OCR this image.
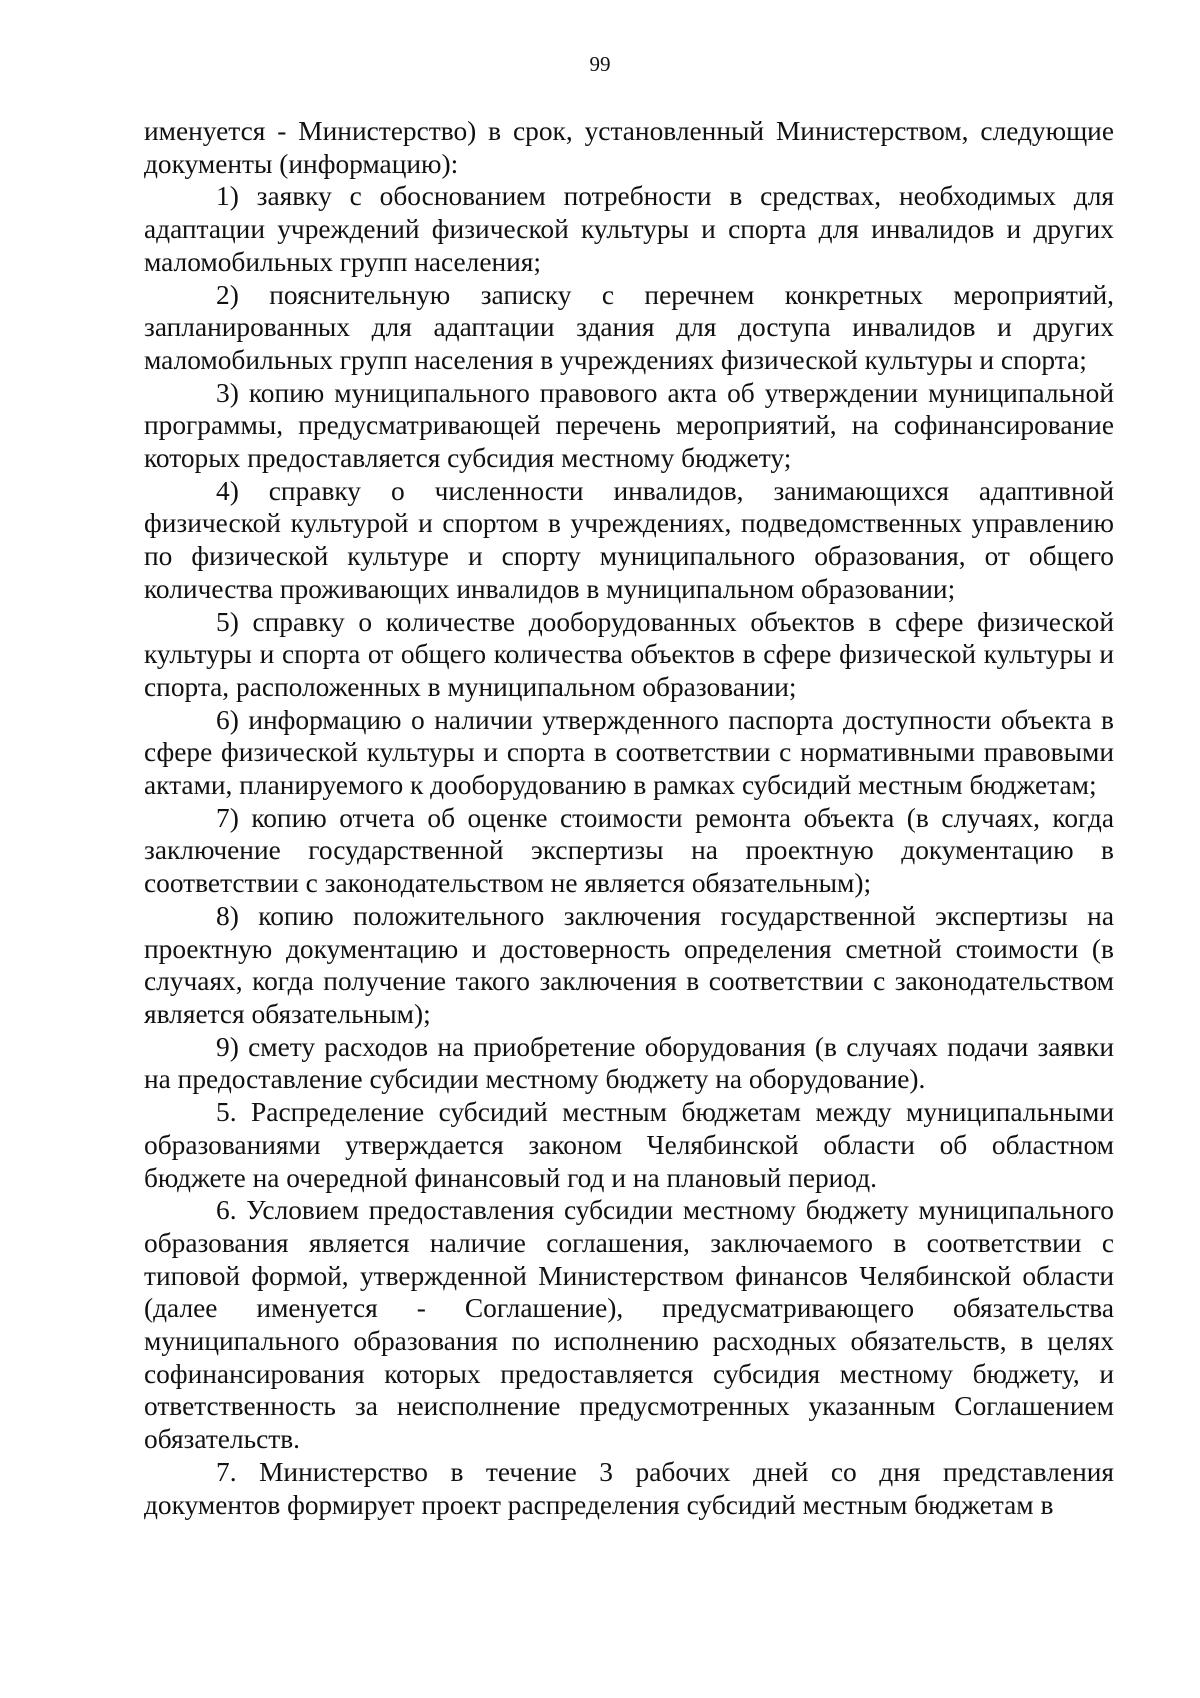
99

именуется - Министерство) в срок, установленный Министерством, следующие документы (информацию):

1) заявку с обоснованием потребности в средствах, необходимых для адаптации учреждений физической культуры и спорта для инвалидов и других маломобильных групп населения;

2) пояснительную записку с перечнем конкретных мероприятий, запланированных для адаптации здания для доступа инвалидов и других маломобильных групп населения в учреждениях физической культуры и спорта;

3) копию муниципального правового акта об утверждении муниципальной программы, предусматривающей перечень мероприятий, на софинансирование которых предоставляется субсидия местному бюджету;

4) справку о численности инвалидов, занимающихся адаптивной физической культурой и спортом в учреждениях, подведомственных управлению по физической культуре и спорту муниципального образования, от общего количества проживающих инвалидов в муниципальном образовании;

5) справку о количестве дооборудованных объектов в сфере физической культуры и спорта от общего количества объектов в сфере физической культуры и спорта, расположенных в муниципальном образовании;

6) информацию о наличии утвержденного паспорта доступности объекта в сфере физической культуры и спорта в соответствии с нормативными правовыми актами, планируемого к дооборудованию в рамках субсидий местным бюджетам;

7) копию отчета об оценке стоимости ремонта объекта (в случаях, когда заключение государственной экспертизы на проектную документацию в соответствии с законодательством не является обязательным);

8) копию положительного заключения государственной экспертизы на проектную документацию и достоверность определения сметной стоимости (в случаях, когда получение такого заключения в соответствии с законодательством является обязательным);

9) смету расходов на приобретение оборудования (в случаях подачи заявки на предоставление субсидии местному бюджету на оборудование).

5. Распределение субсидий местным бюджетам между муниципальными образованиями утверждается законом Челябинской области об областном бюджете на очередной финансовый год и на плановый период.

6. Условием предоставления субсидии местному бюджету муниципального образования является наличие соглашения, заключаемого в соответствии с типовой формой, утвержденной Министерством финансов Челябинской области (далее именуется - Соглашение), предусматривающего обязательства муниципального образования по исполнению расходных обязательств, в целях софинансирования которых предоставляется субсидия местному бюджету, и ответственность за неисполнение предусмотренных указанным Соглашением обязательств.

7. Министерство в течение 3 рабочих дней со дня представления документов формирует проект распределения субсидий местным бюджетам в
